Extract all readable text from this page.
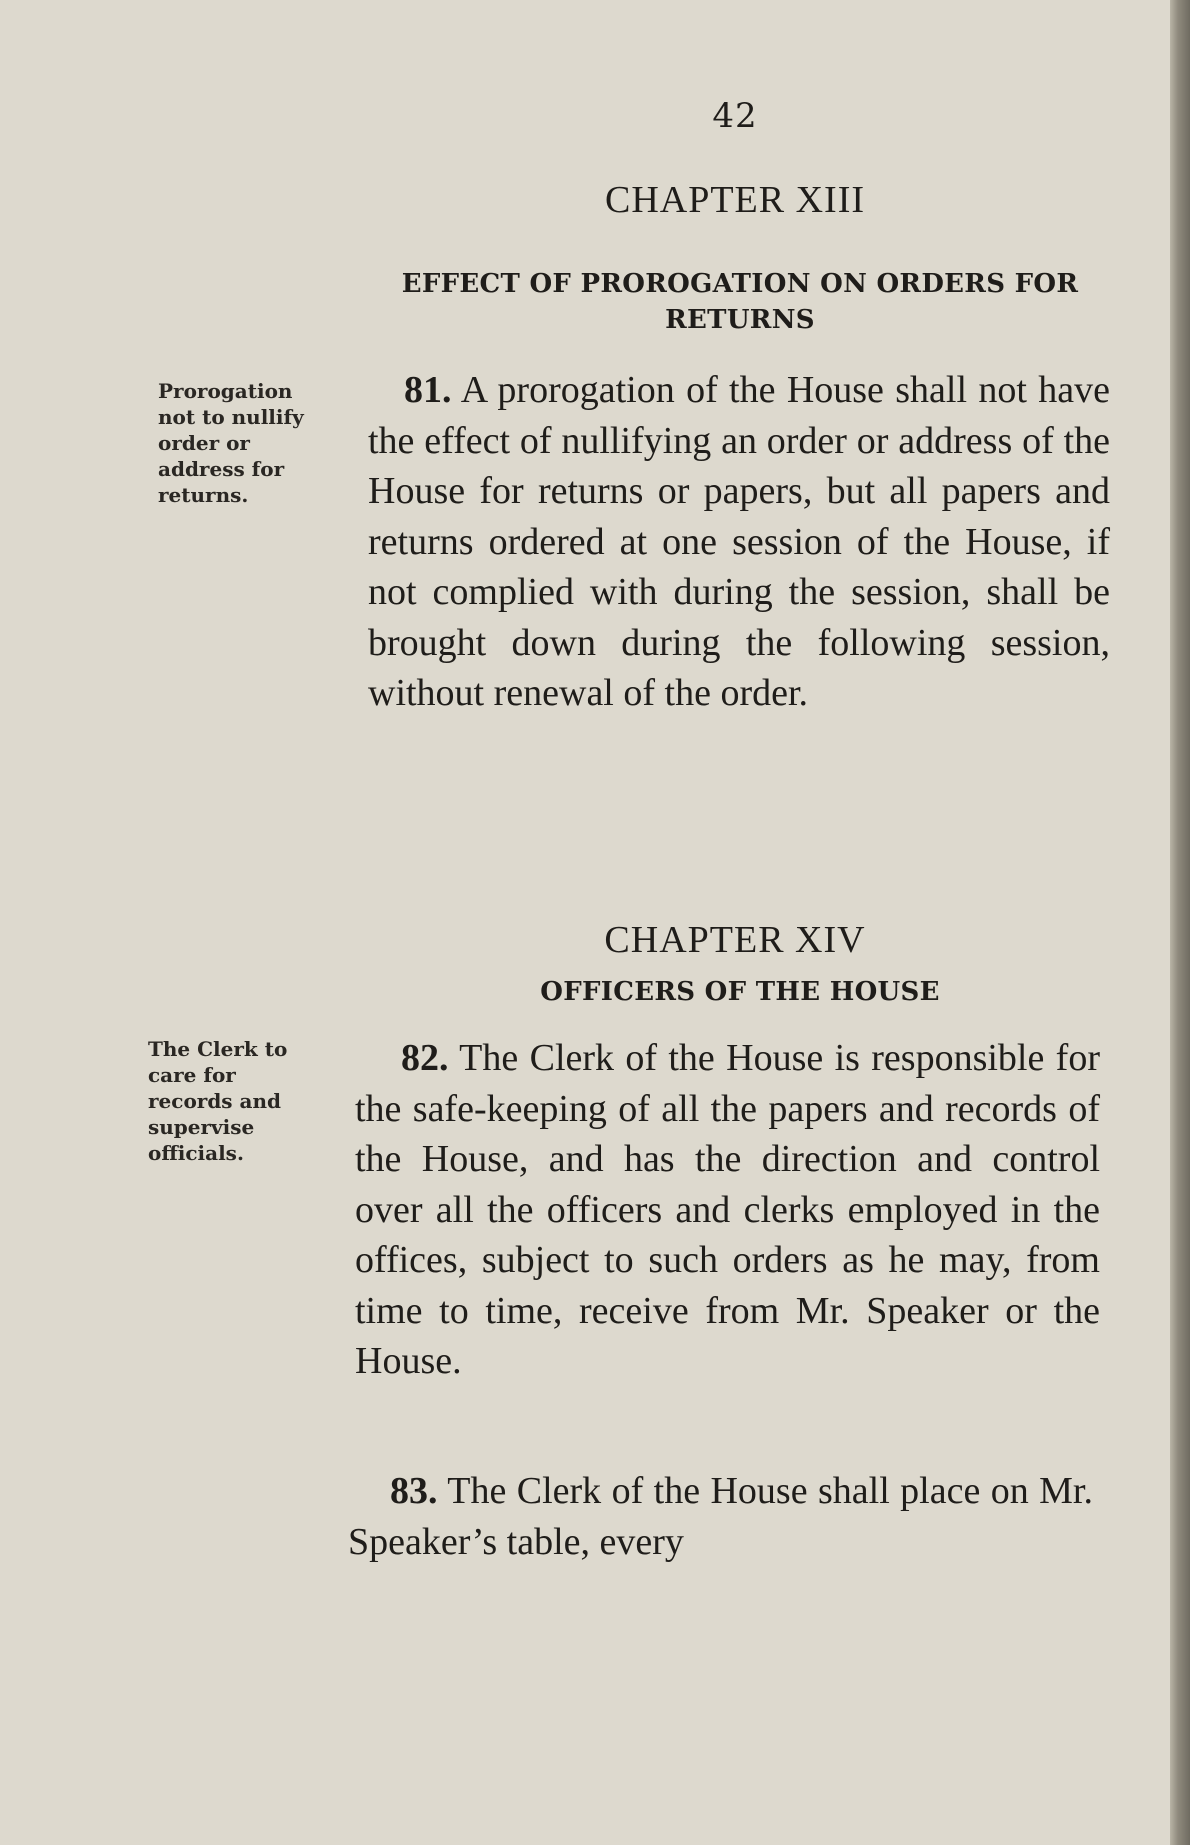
42
CHAPTER XIII
EFFECT OF PROROGATION ON ORDERS FOR RETURNS
Prorogation not to nullify order or address for returns.
81. A prorogation of the House shall not have the effect of nullifying an order or address of the House for returns or papers, but all papers and returns ordered at one session of the House, if not complied with during the session, shall be brought down during the following session, without renewal of the order.
CHAPTER XIV
OFFICERS OF THE HOUSE
The Clerk to care for records and supervise officials.
82. The Clerk of the House is responsible for the safe-keeping of all the papers and records of the House, and has the direction and control over all the officers and clerks employed in the offices, subject to such orders as he may, from time to time, receive from Mr. Speaker or the House.
83. The Clerk of the House shall place on Mr. Speaker’s table, every
